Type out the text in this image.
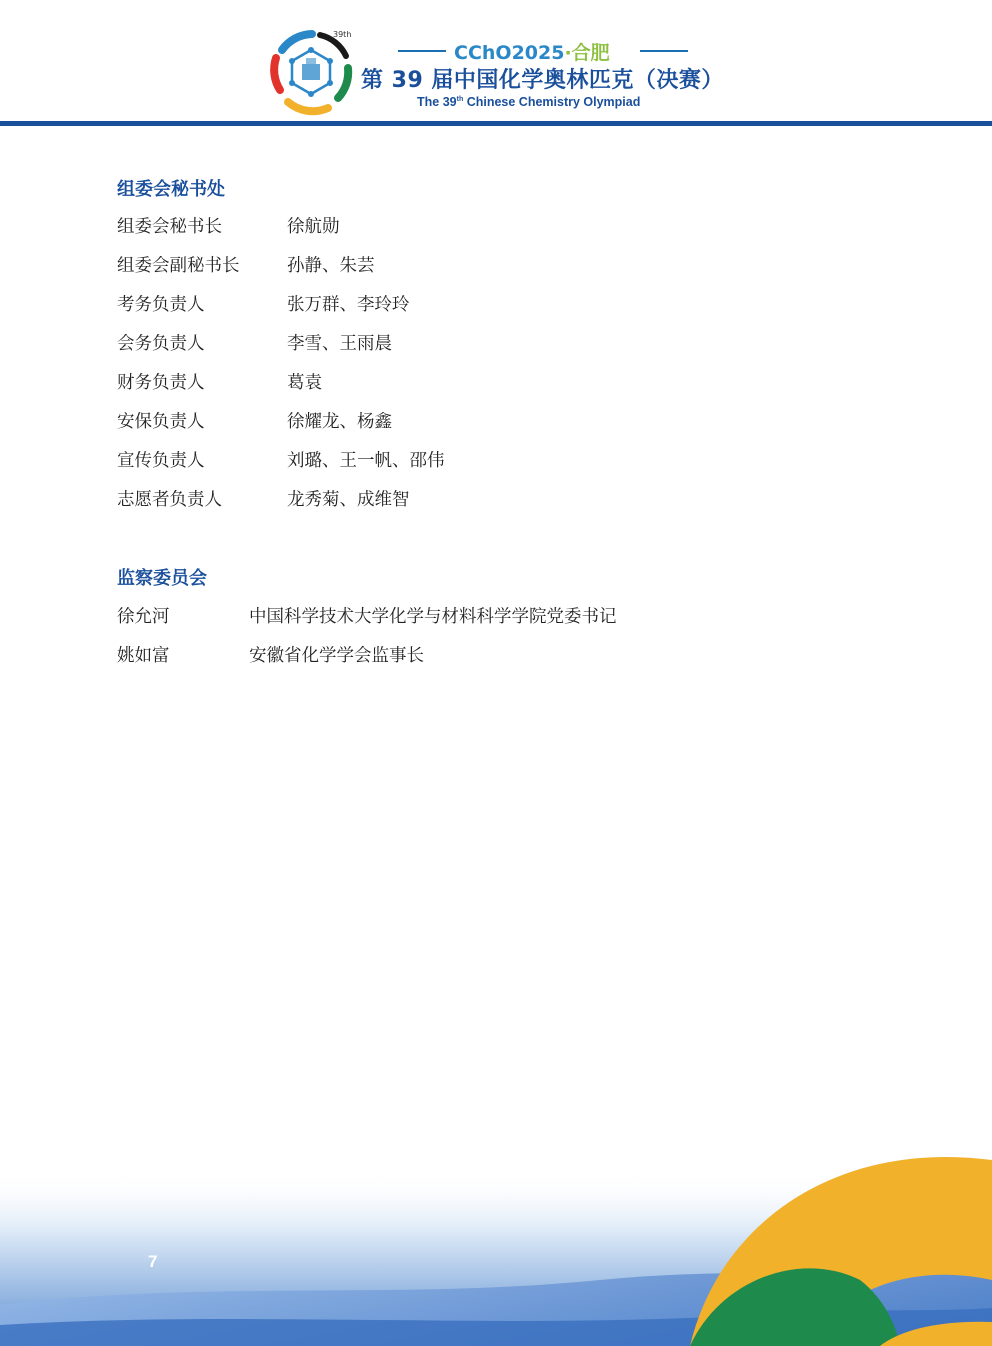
39th
CChO2025·合肥
第 39 届中国化学奥林匹克（决赛）
The 39th Chinese Chemistry Olympiad
组委会秘书处
组委会秘书长	徐航勋
组委会副秘书长	孙静、朱芸
考务负责人	张万群、李玲玲
会务负责人	李雪、王雨晨
财务负责人	葛袁
安保负责人	徐耀龙、杨鑫
宣传负责人	刘璐、王一帆、邵伟
志愿者负责人	龙秀菊、成维智
监察委员会
徐允河	中国科学技术大学化学与材料科学学院党委书记
姚如富	安徽省化学学会监事长
7
